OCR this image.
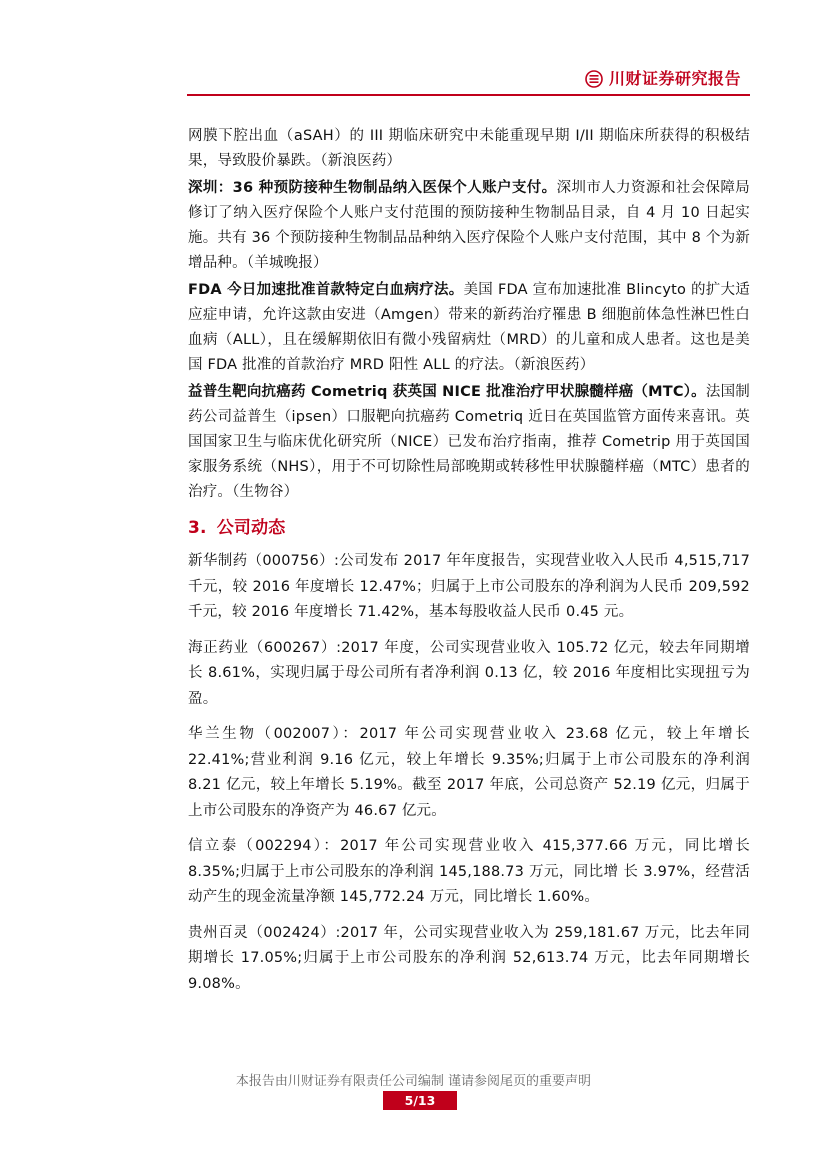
川财证券研究报告

网膜下腔出血（aSAH）的 III 期临床研究中未能重现早期 I/II 期临床所获得的积极结果，导致股价暴跌。（新浪医药）

深圳：36 种预防接种生物制品纳入医保个人账户支付。深圳市人力资源和社会保障局修订了纳入医疗保险个人账户支付范围的预防接种生物制品目录，自 4 月 10 日起实施。共有 36 个预防接种生物制品品种纳入医疗保险个人账户支付范围，其中 8 个为新增品种。（羊城晚报）

FDA 今日加速批准首款特定白血病疗法。美国 FDA 宣布加速批准 Blincyto 的扩大适应症申请，允许这款由安进（Amgen）带来的新药治疗罹患 B 细胞前体急性淋巴性白血病（ALL），且在缓解期依旧有微小残留病灶（MRD）的儿童和成人患者。这也是美国 FDA 批准的首款治疗 MRD 阳性 ALL 的疗法。（新浪医药）

益普生靶向抗癌药 Cometriq 获英国 NICE 批准治疗甲状腺髓样癌（MTC）。法国制药公司益普生（ipsen）口服靶向抗癌药 Cometriq 近日在英国监管方面传来喜讯。英国国家卫生与临床优化研究所（NICE）已发布治疗指南，推荐 Cometrip 用于英国国家服务系统（NHS），用于不可切除性局部晚期或转移性甲状腺髓样癌（MTC）患者的治疗。（生物谷）

3. 公司动态

新华制药（000756）:公司发布 2017 年年度报告，实现营业收入人民币 4,515,717 千元，较 2016 年度增长 12.47%；归属于上市公司股东的净利润为人民币 209,592 千元，较 2016 年度增长 71.42%，基本每股收益人民币 0.45 元。

海正药业（600267）:2017 年度，公司实现营业收入 105.72 亿元，较去年同期增长 8.61%，实现归属于母公司所有者净利润 0.13 亿，较 2016 年度相比实现扭亏为盈。

华兰生物（002007）：2017 年公司实现营业收入 23.68 亿元，较上年增长 22.41%;营业利润 9.16 亿元，较上年增长 9.35%;归属于上市公司股东的净利润 8.21 亿元，较上年增长 5.19%。截至 2017 年底，公司总资产 52.19 亿元，归属于上市公司股东的净资产为 46.67 亿元。

信立泰（002294）：2017 年公司实现营业收入 415,377.66 万元，同比增长 8.35%;归属于上市公司股东的净利润 145,188.73 万元，同比增 长 3.97%，经营活动产生的现金流量净额 145,772.24 万元，同比增长 1.60%。

贵州百灵（002424）:2017 年，公司实现营业收入为 259,181.67 万元，比去年同期增长 17.05%;归属于上市公司股东的净利润 52,613.74 万元，比去年同期增长 9.08%。

本报告由川财证券有限责任公司编制 谨请参阅尾页的重要声明
5/13
